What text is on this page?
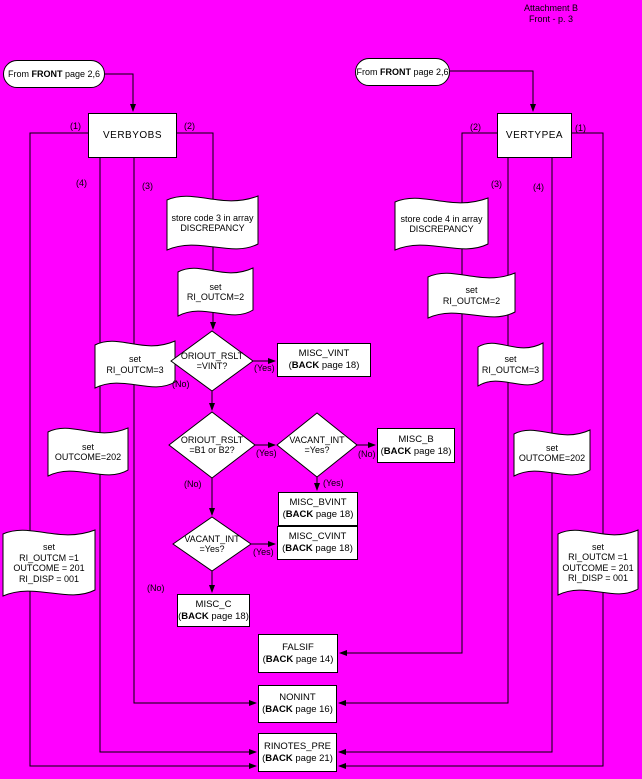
Attachment B
Front - p. 3
From FRONT page 2,6	From FRONT page 2,6
VERBYOBS	VERTYPEA
MISC_VINT
(BACK page 18)
MISC_B
(BACK page 18)
MISC_BVINT
(BACK page 18)
MISC_CVINT
(BACK page 18)
MISC_C
(BACK page 18)
FALSIF
(BACK page 14)
NONINT
(BACK page 16)
RINOTES_PRE
(BACK page 21)
store code 3 in array
DISCREPANCY
set
RI_OUTCM=2
set
RI_OUTCM=3
set
OUTCOME=202
set
RI_OUTCM =1
OUTCOME = 201
RI_DISP = 001
store code 4 in array
DISCREPANCY
set
RI_OUTCM=2
set
RI_OUTCM=3
set
OUTCOME=202
set
RI_OUTCM =1
OUTCOME = 201
RI_DISP = 001
ORIOUT_RSLT
=VINT?
ORIOUT_RSLT
=B1 or B2?
VACANT_INT
=Yes?
VACANT_INT
=Yes?
(1)	(2)
(4)	(3)
(2)	(1)
(3)	(4)
(Yes)
(No)
(Yes)
(No)
(No)
(Yes)
(Yes)
(No)
